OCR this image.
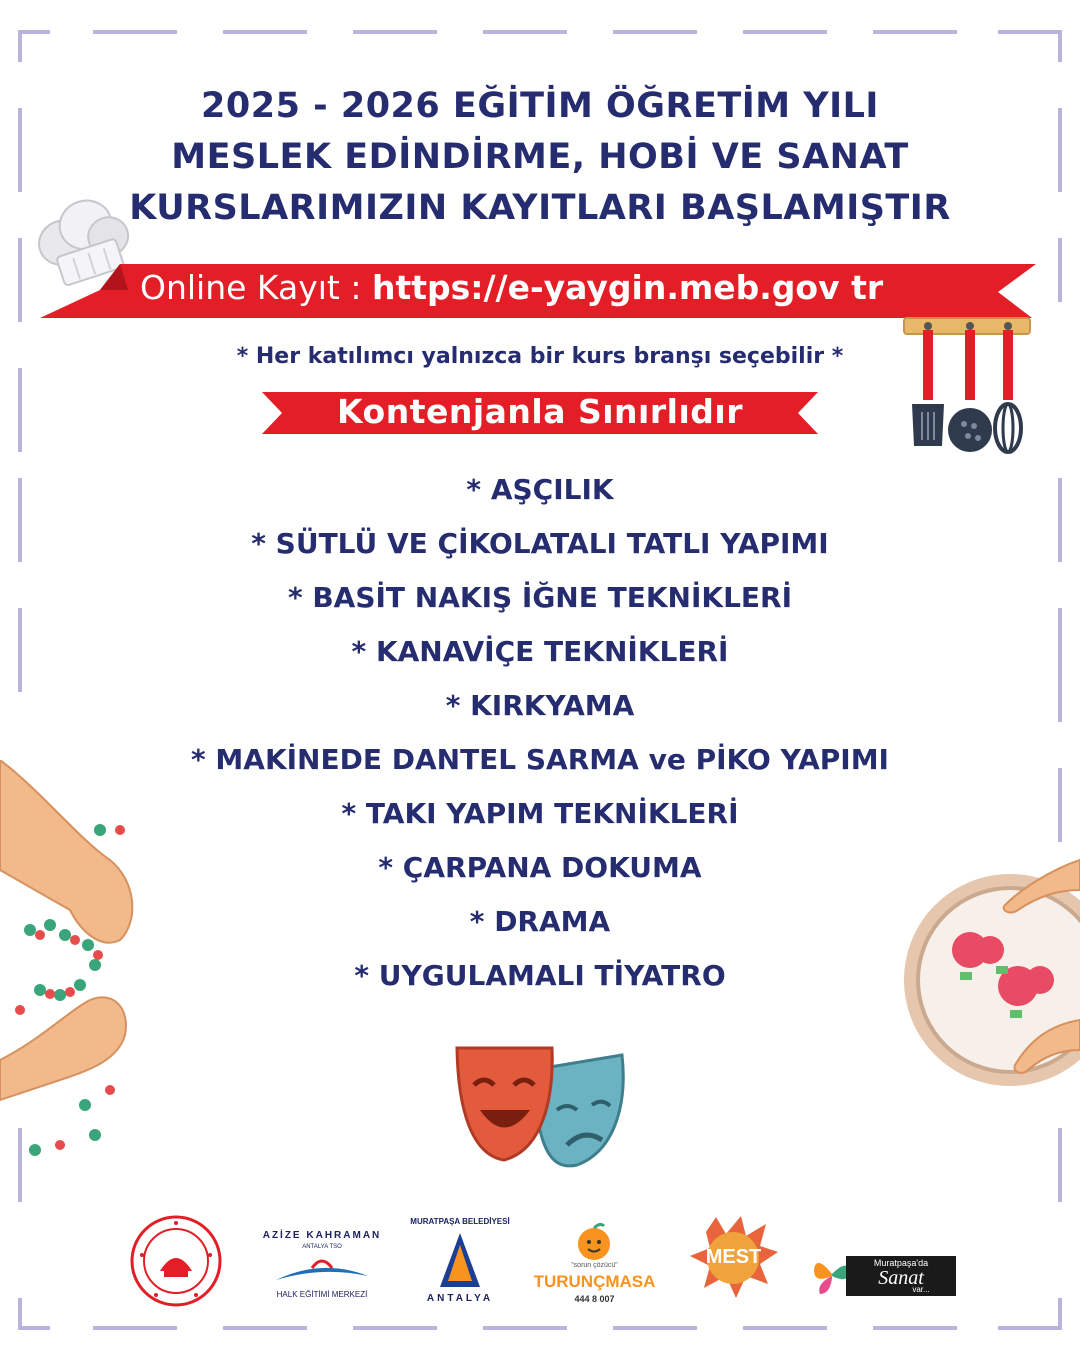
2025 - 2026 EĞİTİM ÖĞRETİM YILI
MESLEK EDİNDİRME, HOBİ VE SANAT
KURSLARIMIZIN KAYITLARI BAŞLAMIŞTIR
Online Kayıt : https://e-yaygin.meb.gov tr
* Her katılımcı yalnızca bir kurs branşı seçebilir *
Kontenjanla Sınırlıdır
* AŞÇILIK
* SÜTLÜ VE ÇİKOLATALI TATLI YAPIMI
* BASİT NAKIŞ İĞNE TEKNİKLERİ
* KANAVİÇE TEKNİKLERİ
* KIRKYAMA
* MAKİNEDE DANTEL SARMA ve PİKO YAPIMI
* TAKI YAPIM TEKNİKLERİ
* ÇARPANA DOKUMA
* DRAMA
* UYGULAMALI TİYATRO
AZİZE KAHRAMAN
ANTALYA TSO
HALK EĞİTİMİ MERKEZİ
MURATPAŞA BELEDİYESİ
ANTALYA
"sorun çözücü"
TURUNÇMASA
444 8 007
MEST	Muratpaşa'da
Sanat
var...
